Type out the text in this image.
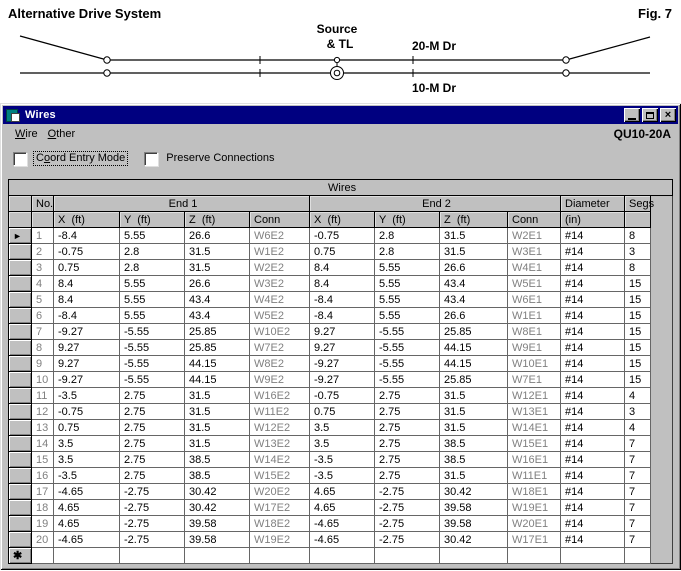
Alternative Drive System	Fig. 7
Source
& TL	20-M Dr
10-M Dr
Wires	×
Wire Other	QU10-20A
Coord Entry Mode	Preserve Connections
Wires												
	No.	End 1				End 2				Diameter	Segs	
		X  (ft)	Y  (ft)	Z  (ft)	Conn	X  (ft)	Y  (ft)	Z  (ft)	Conn	(in)		
►	1	-8.4	5.55	26.6	W6E2	-0.75	2.8	31.5	W2E1	#14	8	
	2	-0.75	2.8	31.5	W1E2	0.75	2.8	31.5	W3E1	#14	3	
	3	0.75	2.8	31.5	W2E2	8.4	5.55	26.6	W4E1	#14	8	
	4	8.4	5.55	26.6	W3E2	8.4	5.55	43.4	W5E1	#14	15	
	5	8.4	5.55	43.4	W4E2	-8.4	5.55	43.4	W6E1	#14	15	
	6	-8.4	5.55	43.4	W5E2	-8.4	5.55	26.6	W1E1	#14	15	
	7	-9.27	-5.55	25.85	W10E2	9.27	-5.55	25.85	W8E1	#14	15	
	8	9.27	-5.55	25.85	W7E2	9.27	-5.55	44.15	W9E1	#14	15	
	9	9.27	-5.55	44.15	W8E2	-9.27	-5.55	44.15	W10E1	#14	15	
	10	-9.27	-5.55	44.15	W9E2	-9.27	-5.55	25.85	W7E1	#14	15	
	11	-3.5	2.75	31.5	W16E2	-0.75	2.75	31.5	W12E1	#14	4	
	12	-0.75	2.75	31.5	W11E2	0.75	2.75	31.5	W13E1	#14	3	
	13	0.75	2.75	31.5	W12E2	3.5	2.75	31.5	W14E1	#14	4	
	14	3.5	2.75	31.5	W13E2	3.5	2.75	38.5	W15E1	#14	7	
	15	3.5	2.75	38.5	W14E2	-3.5	2.75	38.5	W16E1	#14	7	
	16	-3.5	2.75	38.5	W15E2	-3.5	2.75	31.5	W11E1	#14	7	
	17	-4.65	-2.75	30.42	W20E2	4.65	-2.75	30.42	W18E1	#14	7	
	18	4.65	-2.75	30.42	W17E2	4.65	-2.75	39.58	W19E1	#14	7	
	19	4.65	-2.75	39.58	W18E2	-4.65	-2.75	39.58	W20E1	#14	7	
	20	-4.65	-2.75	39.58	W19E2	-4.65	-2.75	30.42	W17E1	#14	7	
✱												
